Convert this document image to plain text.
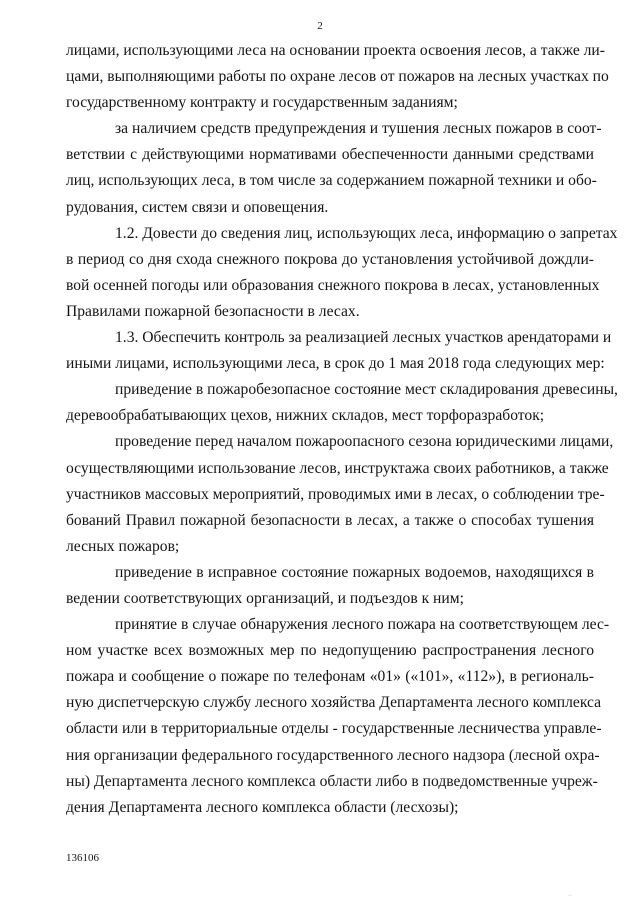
2
лицами, использующими леса на основании проекта освоения лесов, а также ли-
цами, выполняющими работы по охране лесов от пожаров на лесных участках по
государственному контракту и государственным заданиям;
за наличием средств предупреждения и тушения лесных пожаров в соот-
ветствии с действующими нормативами обеспеченности данными средствами
лиц, использующих леса, в том числе за содержанием пожарной техники и обо-
рудования, систем связи и оповещения.
1.2. Довести до сведения лиц, использующих леса, информацию о запретах
в период со дня схода снежного покрова до установления устойчивой дождли-
вой осенней погоды или образования снежного покрова в лесах, установленных
Правилами пожарной безопасности в лесах.
1.3. Обеспечить контроль за реализацией лесных участков арендаторами и
иными лицами, использующими леса, в срок до 1 мая 2018 года следующих мер:
приведение в пожаробезопасное состояние мест складирования древесины,
деревообрабатывающих цехов, нижних складов, мест торфоразработок;
проведение перед началом пожароопасного сезона юридическими лицами,
осуществляющими использование лесов, инструктажа своих работников, а также
участников массовых мероприятий, проводимых ими в лесах, о соблюдении тре-
бований Правил пожарной безопасности в лесах, а также о способах тушения
лесных пожаров;
приведение в исправное состояние пожарных водоемов, находящихся в
ведении соответствующих организаций, и подъездов к ним;
принятие в случае обнаружения лесного пожара на соответствующем лес-
ном участке всех возможных мер по недопущению распространения лесного
пожара и сообщение о пожаре по телефонам «01» («101», «112»), в региональ-
ную диспетчерскую службу лесного хозяйства Департамента лесного комплекса
области или в территориальные отделы - государственные лесничества управле-
ния организации федерального государственного лесного надзора (лесной охра-
ны) Департамента лесного комплекса области либо в подведомственные учреж-
дения Департамента лесного комплекса области (лесхозы);
136106
··
